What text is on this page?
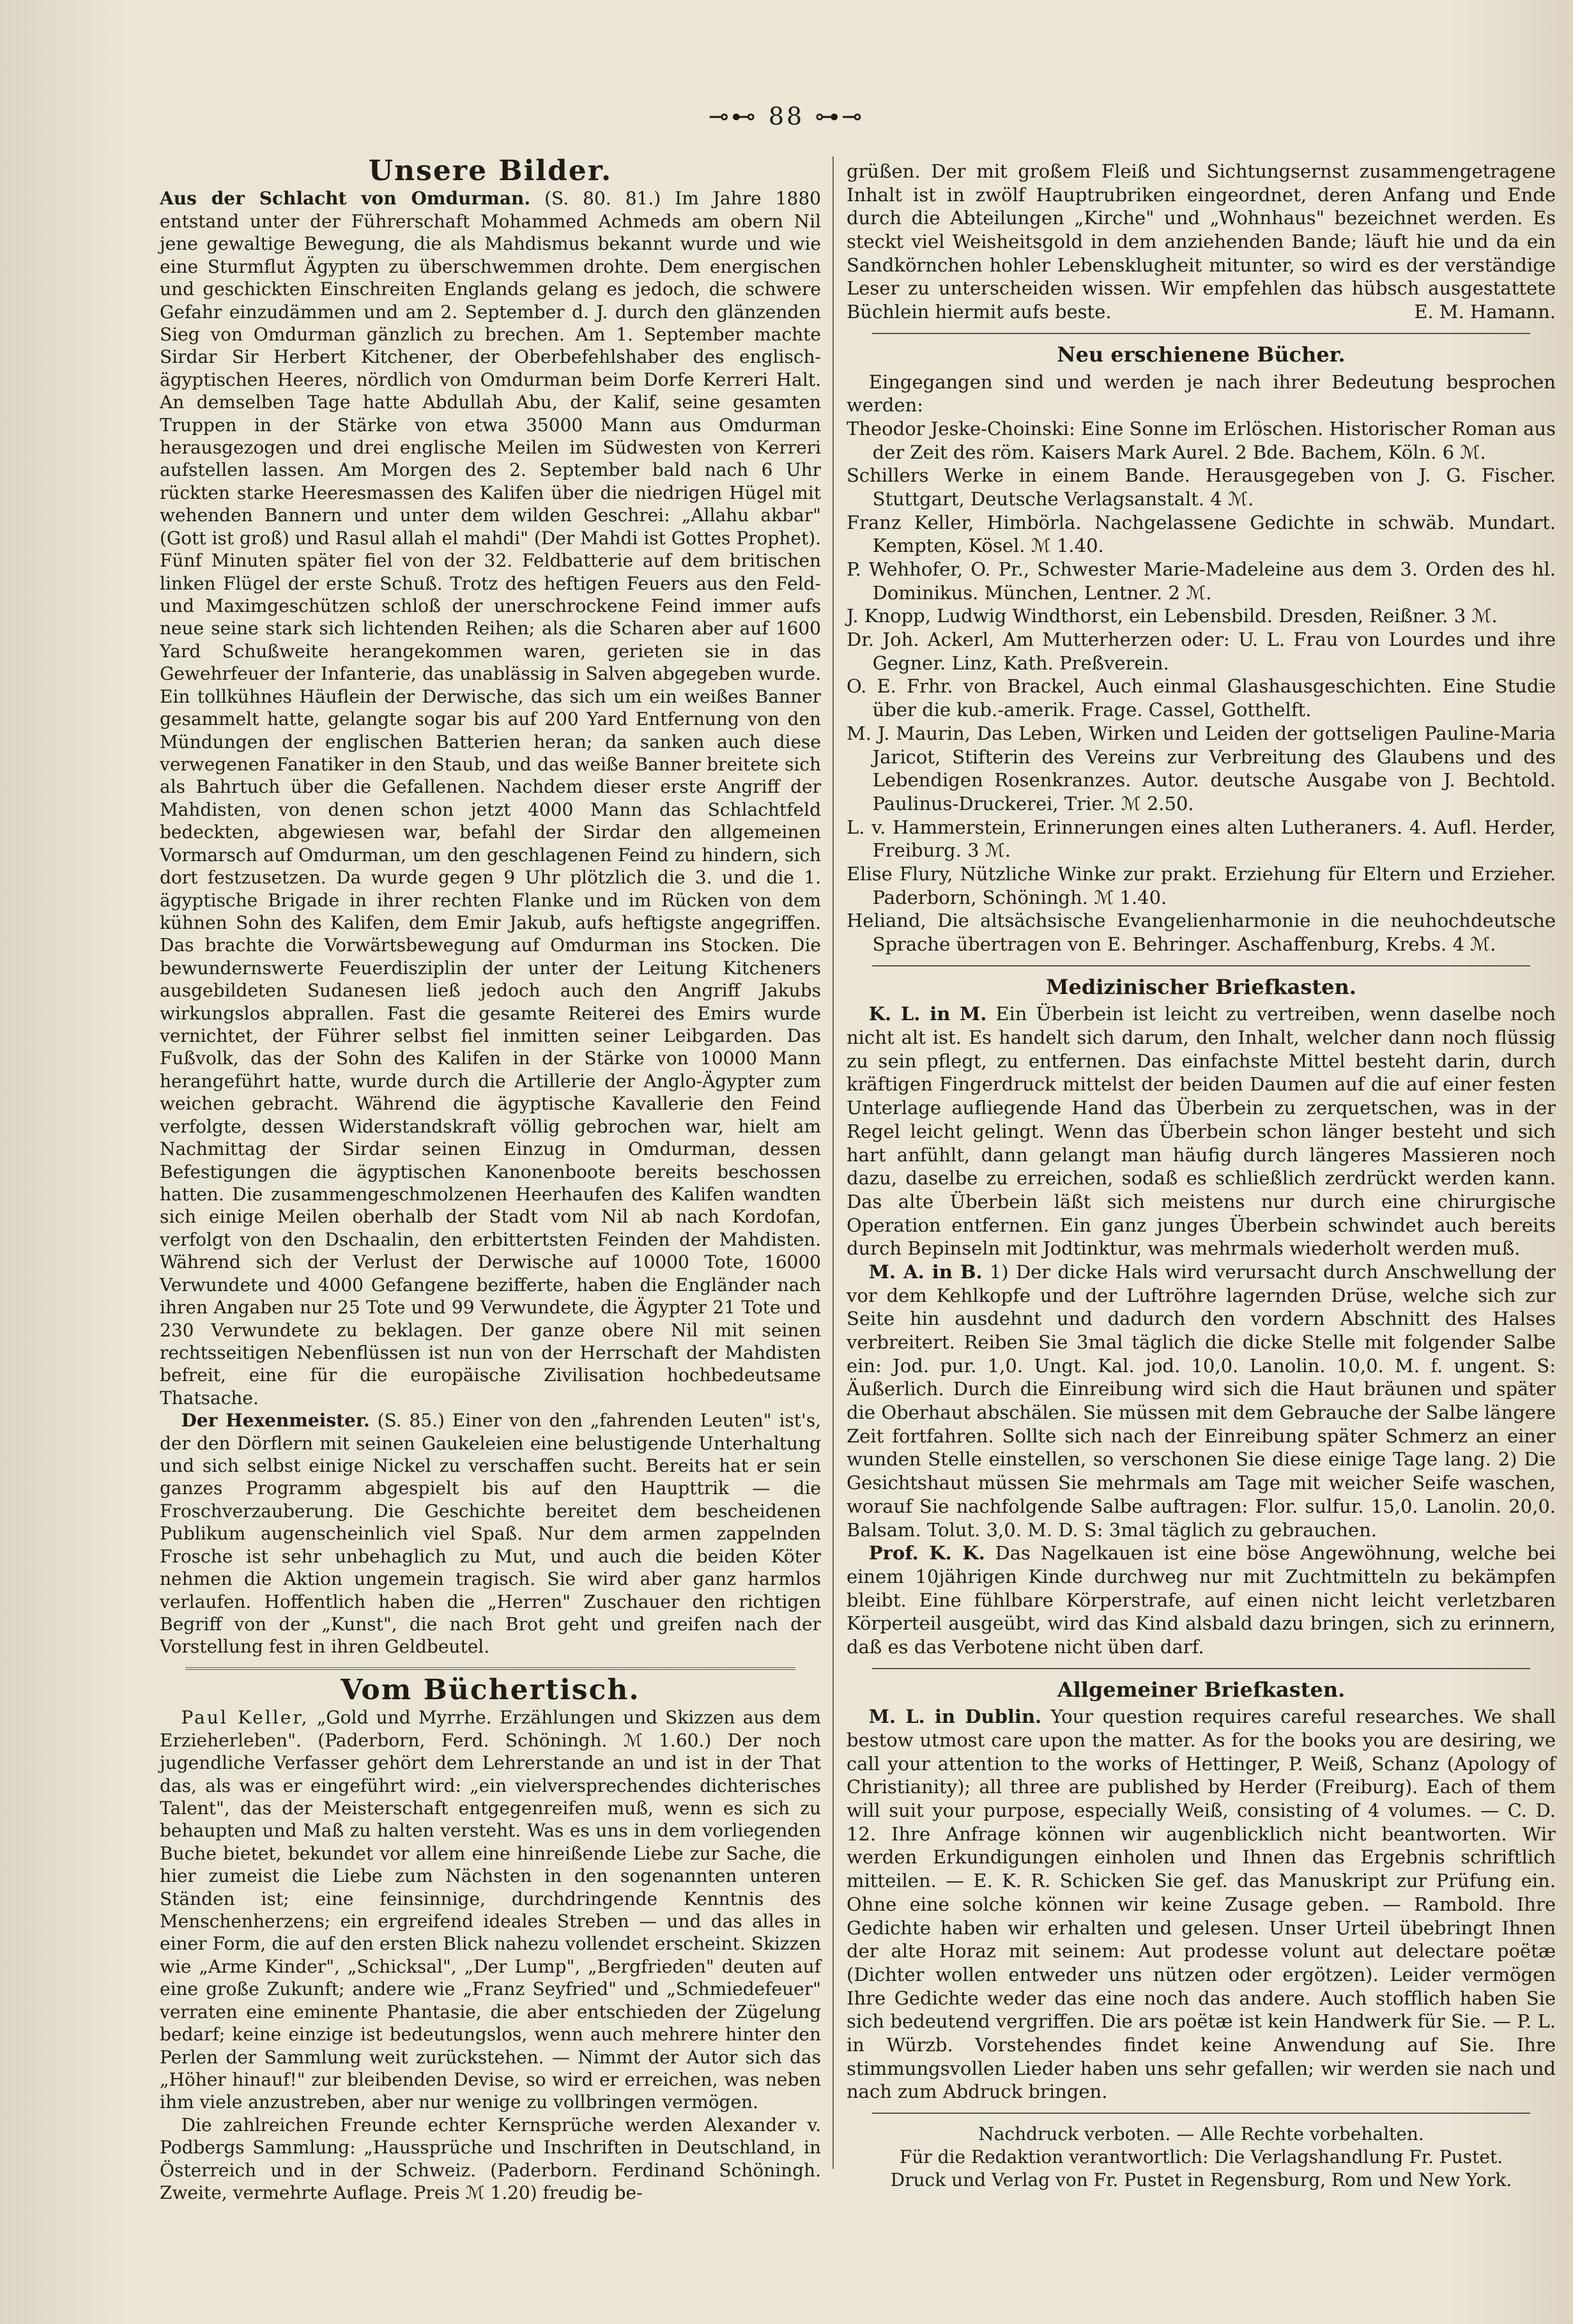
⊸⊷ 88 ⊶⊸
Unsere Bilder.

Aus der Schlacht von Omdurman. (S. 80. 81.) Im Jahre 1880 entstand unter der Führerschaft Mohammed Achmeds am obern Nil jene gewaltige Bewegung, die als Mahdismus bekannt wurde und wie eine Sturmflut Ägypten zu überschwemmen drohte. Dem energischen und geschickten Einschreiten Englands gelang es jedoch, die schwere Gefahr einzudämmen und am 2. September d. J. durch den glänzenden Sieg von Omdurman gänzlich zu brechen. Am 1. September machte Sirdar Sir Herbert Kitchener, der Oberbefehlshaber des englisch-ägyptischen Heeres, nördlich von Omdurman beim Dorfe Kerreri Halt. An demselben Tage hatte Abdullah Abu, der Kalif, seine gesamten Truppen in der Stärke von etwa 35000 Mann aus Omdurman herausgezogen und drei englische Meilen im Südwesten von Kerreri aufstellen lassen. Am Morgen des 2. September bald nach 6 Uhr rückten starke Heeresmassen des Kalifen über die niedrigen Hügel mit wehenden Bannern und unter dem wilden Geschrei: „Allahu akbar" (Gott ist groß) und Rasul allah el mahdi" (Der Mahdi ist Gottes Prophet). Fünf Minuten später fiel von der 32. Feldbatterie auf dem britischen linken Flügel der erste Schuß. Trotz des heftigen Feuers aus den Feld- und Maximgeschützen schloß der unerschrockene Feind immer aufs neue seine stark sich lichtenden Reihen; als die Scharen aber auf 1600 Yard Schußweite herangekommen waren, gerieten sie in das Gewehrfeuer der Infanterie, das unablässig in Salven abgegeben wurde. Ein tollkühnes Häuflein der Derwische, das sich um ein weißes Banner gesammelt hatte, gelangte sogar bis auf 200 Yard Entfernung von den Mündungen der englischen Batterien heran; da sanken auch diese verwegenen Fanatiker in den Staub, und das weiße Banner breitete sich als Bahrtuch über die Gefallenen. Nachdem dieser erste Angriff der Mahdisten, von denen schon jetzt 4000 Mann das Schlachtfeld bedeckten, abgewiesen war, befahl der Sirdar den allgemeinen Vormarsch auf Omdurman, um den geschlagenen Feind zu hindern, sich dort festzusetzen. Da wurde gegen 9 Uhr plötzlich die 3. und die 1. ägyptische Brigade in ihrer rechten Flanke und im Rücken von dem kühnen Sohn des Kalifen, dem Emir Jakub, aufs heftigste angegriffen. Das brachte die Vorwärtsbewegung auf Omdurman ins Stocken. Die bewundernswerte Feuerdisziplin der unter der Leitung Kitcheners ausgebildeten Sudanesen ließ jedoch auch den Angriff Jakubs wirkungslos abprallen. Fast die gesamte Reiterei des Emirs wurde vernichtet, der Führer selbst fiel inmitten seiner Leibgarden. Das Fußvolk, das der Sohn des Kalifen in der Stärke von 10000 Mann herangeführt hatte, wurde durch die Artillerie der Anglo-Ägypter zum weichen gebracht. Während die ägyptische Kavallerie den Feind verfolgte, dessen Widerstandskraft völlig gebrochen war, hielt am Nachmittag der Sirdar seinen Einzug in Omdurman, dessen Befestigungen die ägyptischen Kanonenboote bereits beschossen hatten. Die zusammengeschmolzenen Heerhaufen des Kalifen wandten sich einige Meilen oberhalb der Stadt vom Nil ab nach Kordofan, verfolgt von den Dschaalin, den erbittertsten Feinden der Mahdisten. Während sich der Verlust der Derwische auf 10000 Tote, 16000 Verwundete und 4000 Gefangene bezifferte, haben die Engländer nach ihren Angaben nur 25 Tote und 99 Verwundete, die Ägypter 21 Tote und 230 Verwundete zu beklagen. Der ganze obere Nil mit seinen rechtsseitigen Nebenflüssen ist nun von der Herrschaft der Mahdisten befreit, eine für die europäische Zivilisation hochbedeutsame Thatsache.

Der Hexenmeister. (S. 85.) Einer von den „fahrenden Leuten" ist's, der den Dörflern mit seinen Gaukeleien eine belustigende Unterhaltung und sich selbst einige Nickel zu verschaffen sucht. Bereits hat er sein ganzes Programm abgespielt bis auf den Haupttrik — die Froschverzauberung. Die Geschichte bereitet dem bescheidenen Publikum augenscheinlich viel Spaß. Nur dem armen zappelnden Frosche ist sehr unbehaglich zu Mut, und auch die beiden Köter nehmen die Aktion ungemein tragisch. Sie wird aber ganz harmlos verlaufen. Hoffentlich haben die „Herren" Zuschauer den richtigen Begriff von der „Kunst", die nach Brot geht und greifen nach der Vorstellung fest in ihren Geldbeutel.

Vom Büchertisch.

Paul Keller, „Gold und Myrrhe. Erzählungen und Skizzen aus dem Erzieherleben". (Paderborn, Ferd. Schöningh. ℳ 1.60.) Der noch jugendliche Verfasser gehört dem Lehrerstande an und ist in der That das, als was er eingeführt wird: „ein vielversprechendes dichterisches Talent", das der Meisterschaft entgegenreifen muß, wenn es sich zu behaupten und Maß zu halten versteht. Was es uns in dem vorliegenden Buche bietet, bekundet vor allem eine hinreißende Liebe zur Sache, die hier zumeist die Liebe zum Nächsten in den sogenannten unteren Ständen ist; eine feinsinnige, durchdringende Kenntnis des Menschenherzens; ein ergreifend ideales Streben — und das alles in einer Form, die auf den ersten Blick nahezu vollendet erscheint. Skizzen wie „Arme Kinder", „Schicksal", „Der Lump", „Bergfrieden" deuten auf eine große Zukunft; andere wie „Franz Seyfried" und „Schmiedefeuer" verraten eine eminente Phantasie, die aber entschieden der Zügelung bedarf; keine einzige ist bedeutungslos, wenn auch mehrere hinter den Perlen der Sammlung weit zurückstehen. — Nimmt der Autor sich das „Höher hinauf!" zur bleibenden Devise, so wird er erreichen, was neben ihm viele anzustreben, aber nur wenige zu vollbringen vermögen.

Die zahlreichen Freunde echter Kernsprüche werden Alexander v. Podbergs Sammlung: „Haussprüche und Inschriften in Deutschland, in Österreich und in der Schweiz. (Paderborn. Ferdinand Schöningh. Zweite, vermehrte Auflage. Preis ℳ 1.20) freudig be-

grüßen. Der mit großem Fleiß und Sichtungsernst zusammengetragene Inhalt ist in zwölf Hauptrubriken eingeordnet, deren Anfang und Ende durch die Abteilungen „Kirche" und „Wohnhaus" bezeichnet werden. Es steckt viel Weisheitsgold in dem anziehenden Bande; läuft hie und da ein Sandkörnchen hohler Lebensklugheit mitunter, so wird es der verständige Leser zu unterscheiden wissen. Wir empfehlen das hübsch ausgestattete Büchlein hiermit aufs beste.	E. M. Hamann.

Neu erschienene Bücher.

Eingegangen sind und werden je nach ihrer Bedeutung besprochen werden:

Theodor Jeske-Choinski: Eine Sonne im Erlöschen. Historischer Roman aus der Zeit des röm. Kaisers Mark Aurel. 2 Bde. Bachem, Köln. 6 ℳ.
Schillers Werke in einem Bande. Herausgegeben von J. G. Fischer. Stuttgart, Deutsche Verlagsanstalt. 4 ℳ.
Franz Keller, Himbörla. Nachgelassene Gedichte in schwäb. Mundart. Kempten, Kösel. ℳ 1.40.
P. Wehhofer, O. Pr., Schwester Marie-Madeleine aus dem 3. Orden des hl. Dominikus. München, Lentner. 2 ℳ.
J. Knopp, Ludwig Windthorst, ein Lebensbild. Dresden, Reißner. 3 ℳ.
Dr. Joh. Ackerl, Am Mutterherzen oder: U. L. Frau von Lourdes und ihre Gegner. Linz, Kath. Preßverein.
O. E. Frhr. von Brackel, Auch einmal Glashausgeschichten. Eine Studie über die kub.-amerik. Frage. Cassel, Gotthelft.
M. J. Maurin, Das Leben, Wirken und Leiden der gottseligen Pauline-Maria Jaricot, Stifterin des Vereins zur Verbreitung des Glaubens und des Lebendigen Rosenkranzes. Autor. deutsche Ausgabe von J. Bechtold. Paulinus-Druckerei, Trier. ℳ 2.50.
L. v. Hammerstein, Erinnerungen eines alten Lutheraners. 4. Aufl. Herder, Freiburg. 3 ℳ.
Elise Flury, Nützliche Winke zur prakt. Erziehung für Eltern und Erzieher. Paderborn, Schöningh. ℳ 1.40.
Heliand, Die altsächsische Evangelienharmonie in die neuhochdeutsche Sprache übertragen von E. Behringer. Aschaffenburg, Krebs. 4 ℳ.
Medizinischer Briefkasten.

K. L. in M. Ein Überbein ist leicht zu vertreiben, wenn daselbe noch nicht alt ist. Es handelt sich darum, den Inhalt, welcher dann noch flüssig zu sein pflegt, zu entfernen. Das einfachste Mittel besteht darin, durch kräftigen Fingerdruck mittelst der beiden Daumen auf die auf einer festen Unterlage aufliegende Hand das Überbein zu zerquetschen, was in der Regel leicht gelingt. Wenn das Überbein schon länger besteht und sich hart anfühlt, dann gelangt man häufig durch längeres Massieren noch dazu, daselbe zu erreichen, sodaß es schließlich zerdrückt werden kann. Das alte Überbein läßt sich meistens nur durch eine chirurgische Operation entfernen. Ein ganz junges Überbein schwindet auch bereits durch Bepinseln mit Jodtinktur, was mehrmals wiederholt werden muß.

M. A. in B. 1) Der dicke Hals wird verursacht durch Anschwellung der vor dem Kehlkopfe und der Luftröhre lagernden Drüse, welche sich zur Seite hin ausdehnt und dadurch den vordern Abschnitt des Halses verbreitert. Reiben Sie 3mal täglich die dicke Stelle mit folgender Salbe ein: Jod. pur. 1,0. Ungt. Kal. jod. 10,0. Lanolin. 10,0. M. f. ungent. S: Äußerlich. Durch die Einreibung wird sich die Haut bräunen und später die Oberhaut abschälen. Sie müssen mit dem Gebrauche der Salbe längere Zeit fortfahren. Sollte sich nach der Einreibung später Schmerz an einer wunden Stelle einstellen, so verschonen Sie diese einige Tage lang. 2) Die Gesichtshaut müssen Sie mehrmals am Tage mit weicher Seife waschen, worauf Sie nachfolgende Salbe auftragen: Flor. sulfur. 15,0. Lanolin. 20,0. Balsam. Tolut. 3,0. M. D. S: 3mal täglich zu gebrauchen.

Prof. K. K. Das Nagelkauen ist eine böse Angewöhnung, welche bei einem 10jährigen Kinde durchweg nur mit Zuchtmitteln zu bekämpfen bleibt. Eine fühlbare Körperstrafe, auf einen nicht leicht verletzbaren Körperteil ausgeübt, wird das Kind alsbald dazu bringen, sich zu erinnern, daß es das Verbotene nicht üben darf.

Allgemeiner Briefkasten.

M. L. in Dublin. Your question requires careful researches. We shall bestow utmost care upon the matter. As for the books you are desiring, we call your attention to the works of Hettinger, P. Weiß, Schanz (Apology of Christianity); all three are published by Herder (Freiburg). Each of them will suit your purpose, especially Weiß, consisting of 4 volumes. — C. D. 12. Ihre Anfrage können wir augenblicklich nicht beantworten. Wir werden Erkundigungen einholen und Ihnen das Ergebnis schriftlich mitteilen. — E. K. R. Schicken Sie gef. das Manuskript zur Prüfung ein. Ohne eine solche können wir keine Zusage geben. — Rambold. Ihre Gedichte haben wir erhalten und gelesen. Unser Urteil übebringt Ihnen der alte Horaz mit seinem: Aut prodesse volunt aut delectare poëtæ (Dichter wollen entweder uns nützen oder ergötzen). Leider vermögen Ihre Gedichte weder das eine noch das andere. Auch stofflich haben Sie sich bedeutend vergriffen. Die ars poëtæ ist kein Handwerk für Sie. — P. L. in Würzb. Vorstehendes findet keine Anwendung auf Sie. Ihre stimmungsvollen Lieder haben uns sehr gefallen; wir werden sie nach und nach zum Abdruck bringen.

Nachdruck verboten. — Alle Rechte vorbehalten.

Für die Redaktion verantwortlich: Die Verlagshandlung Fr. Pustet.

Druck und Verlag von Fr. Pustet in Regensburg, Rom und New York.
